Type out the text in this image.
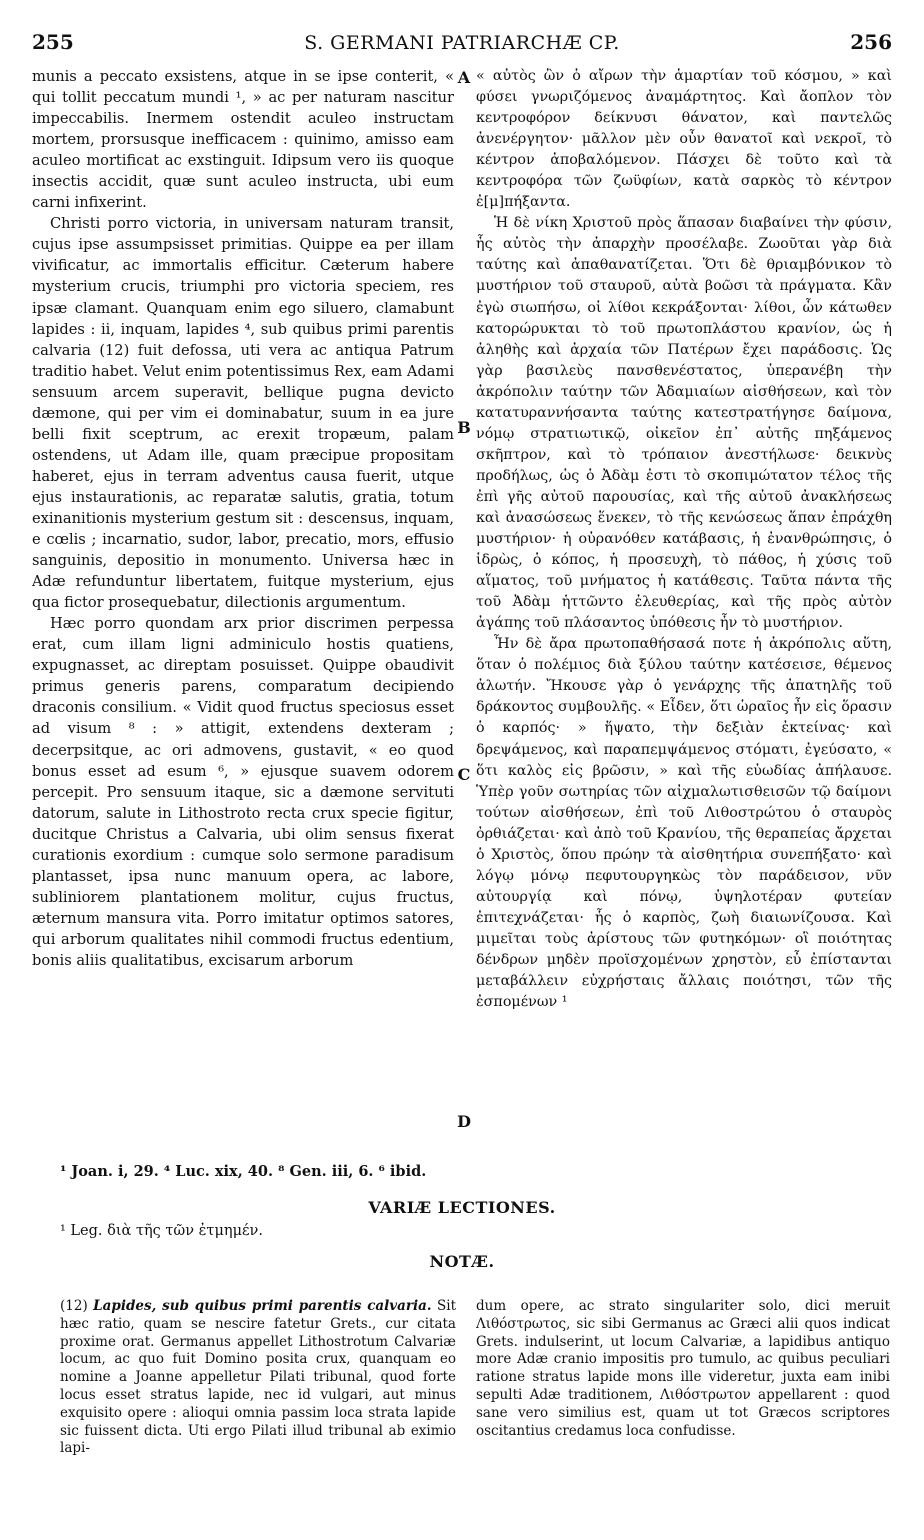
255	S. GERMANI PATRIARCHÆ CP.	256

munis a peccato exsistens, atque in se ipse conterit, « qui tollit peccatum mundi ¹, » ac per naturam nascitur impeccabilis. Inermem ostendit aculeo instructam mortem, prorsusque inefficacem : quinimo, amisso eam aculeo mortificat ac exstinguit. Idipsum vero iis quoque insectis accidit, quæ sunt aculeo instructa, ubi eum carni infixerint.

Christi porro victoria, in universam naturam transit, cujus ipse assumpsisset primitias. Quippe ea per illam vivificatur, ac immortalis efficitur. Cæterum habere mysterium crucis, triumphi pro victoria speciem, res ipsæ clamant. Quanquam enim ego siluero, clamabunt lapides : ii, inquam, lapides ⁴, sub quibus primi parentis calvaria (12) fuit defossa, uti vera ac antiqua Patrum traditio habet. Velut enim potentissimus Rex, eam Adami sensuum arcem superavit, bellique pugna devicto dæmone, qui per vim ei dominabatur, suum in ea jure belli fixit sceptrum, ac erexit tropæum, palam ostendens, ut Adam ille, quam præcipue propositam haberet, ejus in terram adventus causa fuerit, utque ejus instaurationis, ac reparatæ salutis, gratia, totum exinanitionis mysterium gestum sit : descensus, inquam, e cœlis ; incarnatio, sudor, labor, precatio, mors, effusio sanguinis, depositio in monumento. Universa hæc in Adæ refunduntur libertatem, fuitque mysterium, ejus qua fictor prosequebatur, dilectionis argumentum.

Hæc porro quondam arx prior discrimen perpessa erat, cum illam ligni adminiculo hostis quatiens, expugnasset, ac direptam posuisset. Quippe obaudivit primus generis parens, comparatum decipiendo draconis consilium. « Vidit quod fructus speciosus esset ad visum ⁸ : » attigit, extendens dexteram ; decerpsitque, ac ori admovens, gustavit, « eo quod bonus esset ad esum ⁶, » ejusque suavem odorem percepit. Pro sensuum itaque, sic a dæmone servituti datorum, salute in Lithostroto recta crux specie figitur, ducitque Christus a Calvaria, ubi olim sensus fixerat curationis exordium : cumque solo sermone paradisum plantasset, ipsa nunc manuum opera, ac labore, subliniorem plantationem molitur, cujus fructus, æternum mansura vita. Porro imitatur optimos satores, qui arborum qualitates nihil commodi fructus edentium, bonis aliis qualitatibus, excisarum arborum

A
B
C
D

« αὐτὸς ὢν ὁ αἴρων τὴν ἁμαρτίαν τοῦ κόσμου, » καὶ φύσει γνωριζόμενος ἀναμάρτητος. Καὶ ἄοπλον τὸν κεντροφόρον δείκνυσι θάνατον, καὶ παντελῶς ἀνενέργητον· μᾶλλον μὲν οὖν θανατοῖ καὶ νεκροῖ, τὸ κέντρον ἀποβαλόμενον. Πάσχει δὲ τοῦτο καὶ τὰ κεντροφόρα τῶν ζωϋφίων, κατὰ σαρκὸς τὸ κέντρον ἐ[μ]πήξαντα.

Ἡ δὲ νίκη Χριστοῦ πρὸς ἅπασαν διαβαίνει τὴν φύσιν, ἧς αὐτὸς τὴν ἀπαρχὴν προσέλαβε. Ζωοῦται γὰρ διὰ ταύτης καὶ ἀπαθανατίζεται. Ὅτι δὲ θριαμβόνικον τὸ μυστήριον τοῦ σταυροῦ, αὐτὰ βοῶσι τὰ πράγματα. Κἂν ἐγὼ σιωπήσω, οἱ λίθοι κεκράξονται· λίθοι, ὧν κάτωθεν κατορώρυκται τὸ τοῦ πρωτοπλάστου κρανίον, ὡς ἡ ἀληθὴς καὶ ἀρχαία τῶν Πατέρων ἔχει παράδοσις. Ὡς γὰρ βασιλεὺς πανσθενέστατος, ὑπερανέβη τὴν ἀκρόπολιν ταύτην τῶν Ἀδαμιαίων αἰσθήσεων, καὶ τὸν κατατυραννήσαντα ταύτης κατεστρατήγησε δαίμονα, νόμῳ στρατιωτικῷ, οἰκεῖον ἐπ᾿ αὐτῆς πηξάμενος σκῆπτρον, καὶ τὸ τρόπαιον ἀνεστήλωσε· δεικνὺς προδήλως, ὡς ὁ Ἀδὰμ ἐστι τὸ σκοπιμώτατον τέλος τῆς ἐπὶ γῆς αὐτοῦ παρουσίας, καὶ τῆς αὐτοῦ ἀνακλήσεως καὶ ἀνασώσεως ἕνεκεν, τὸ τῆς κενώσεως ἅπαν ἐπράχθη μυστήριον· ἡ οὐρανόθεν κατάβασις, ἡ ἐνανθρώπησις, ὁ ἱδρὼς, ὁ κόπος, ἡ προσευχὴ, τὸ πάθος, ἡ χύσις τοῦ αἵματος, τοῦ μνήματος ἡ κατάθεσις. Ταῦτα πάντα τῆς τοῦ Ἀδὰμ ἡττῶντο ἐλευθερίας, καὶ τῆς πρὸς αὐτὸν ἀγάπης τοῦ πλάσαντος ὑπόθεσις ἦν τὸ μυστήριον.

Ἦν δὲ ἄρα πρωτοπαθήσασά ποτε ἡ ἀκρόπολις αὕτη, ὅταν ὁ πολέμιος διὰ ξύλου ταύτην κατέσεισε, θέμενος ἀλωτήν. Ἤκουσε γὰρ ὁ γενάρχης τῆς ἀπατηλῆς τοῦ δράκοντος συμβουλῆς. « Εἶδεν, ὅτι ὡραῖος ἦν εἰς ὅρασιν ὁ καρπός· » ἥψατο, τὴν δεξιὰν ἐκτείνας· καὶ δρεψάμενος, καὶ παραπεμψάμενος στόματι, ἐγεύσατο, « ὅτι καλὸς εἰς βρῶσιν, » καὶ τῆς εὐωδίας ἀπήλαυσε. Ὑπὲρ γοῦν σωτηρίας τῶν αἰχμαλωτισθεισῶν τῷ δαίμονι τούτων αἰσθήσεων, ἐπὶ τοῦ Λιθοστρώτου ὁ σταυρὸς ὀρθιάζεται· καὶ ἀπὸ τοῦ Κρανίου, τῆς θεραπείας ἄρχεται ὁ Χριστὸς, ὅπου πρώην τὰ αἰσθητήρια συνεπήξατο· καὶ λόγῳ μόνῳ πεφυτουργηκὼς τὸν παράδεισον, νῦν αὐτουργίᾳ καὶ πόνῳ, ὑψηλοτέραν φυτείαν ἐπιτεχνάζεται· ἧς ὁ καρπὸς, ζωὴ διαιωνίζουσα. Καὶ μιμεῖται τοὺς ἀρίστους τῶν φυτηκόμων· οἳ ποιότητας δένδρων μηδὲν προϊσχομένων χρηστὸν, εὖ ἐπίστανται μεταβάλλειν εὐχρήσταις ἄλλαις ποιότησι, τῶν τῆς ἐσπομένων ¹

¹ Joan. i, 29. ⁴ Luc. xix, 40. ⁸ Gen. iii, 6. ⁶ ibid.
VARIÆ LECTIONES.
¹ Leg. διὰ τῆς τῶν ἐτμημέν.
NOTÆ.
(12) Lapides, sub quibus primi parentis calvaria. Sit hæc ratio, quam se nescire fatetur Grets., cur citata proxime orat. Germanus appellet Lithostrotum Calvariæ locum, ac quo fuit Domino posita crux, quanquam eo nomine a Joanne appelletur Pilati tribunal, quod forte locus esset stratus lapide, nec id vulgari, aut minus exquisito opere : alioqui omnia passim loca strata lapide sic fuissent dicta. Uti ergo Pilati illud tribunal ab eximio lapi-
dum opere, ac strato singulariter solo, dici meruit Λιθόστρωτος, sic sibi Germanus ac Græci alii quos indicat Grets. indulserint, ut locum Calvariæ, a lapidibus antiquo more Adæ cranio impositis pro tumulo, ac quibus peculiari ratione stratus lapide mons ille videretur, juxta eam inibi sepulti Adæ traditionem, Λιθόστρωτον appellarent : quod sane vero similius est, quam ut tot Græcos scriptores oscitantius credamus loca confudisse.
